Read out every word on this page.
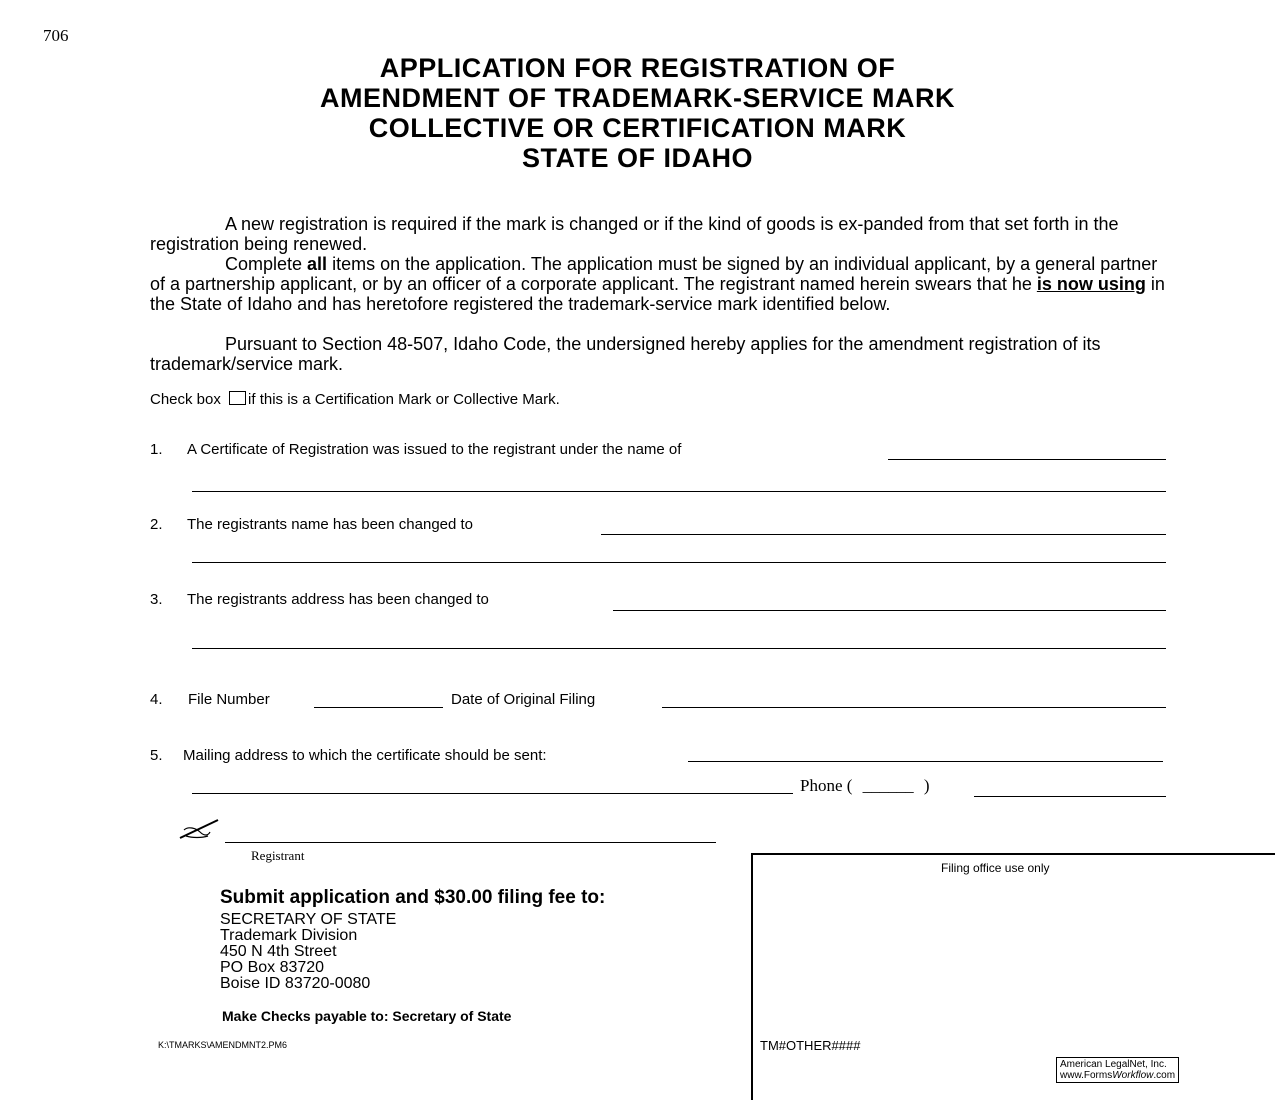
706
APPLICATION FOR REGISTRATION OF
AMENDMENT OF TRADEMARK-SERVICE MARK
COLLECTIVE OR CERTIFICATION MARK
STATE OF IDAHO
A new registration is required if the mark is changed or if the kind of goods is ex-panded from that set forth in the registration being renewed.
Complete all items on the application. The application must be signed by an individual applicant, by a general partner of a partnership applicant, or by an officer of a corporate applicant. The registrant named herein swears that he is now using in the State of Idaho and has heretofore registered the trademark-service mark identified below.
Pursuant to Section 48-507, Idaho Code, the undersigned hereby applies for the amendment registration of its trademark/service mark.
Check box if this is a Certification Mark or Collective Mark.
1. A Certificate of Registration was issued to the registrant under the name of
2. The registrants name has been changed to
3. The registrants address has been changed to
4. File Number	Date of Original Filing
5. Mailing address to which the certificate should be sent:
Phone ( ______ )
Registrant
Submit application and $30.00 filing fee to:
SECRETARY OF STATE
Trademark Division
450 N 4th Street
PO Box 83720
Boise ID 83720-0080
Make Checks payable to: Secretary of State
K:\TMARKS\AMENDMNT2.PM6
Filing office use only
TM#OTHER####
American LegalNet, Inc.
www.FormsWorkflow.com
